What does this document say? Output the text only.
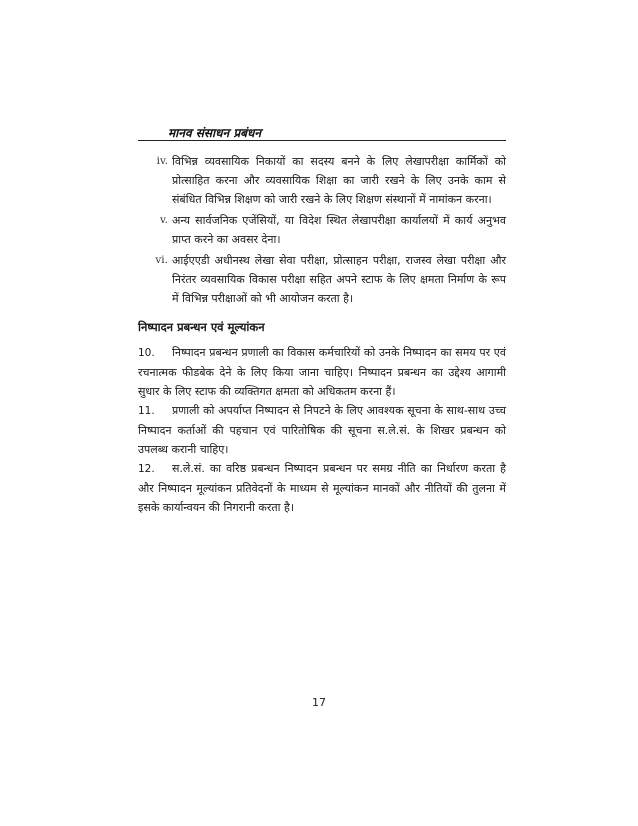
मानव संसाधन प्रबंधन
iv. विभिन्न व्यवसायिक निकायों का सदस्य बनने के लिए लेखापरीक्षा कार्मिकों को प्रोत्साहित करना और व्यवसायिक शिक्षा का जारी रखने के लिए उनके काम से संबंधित विभिन्न शिक्षण को जारी रखने के लिए शिक्षण संस्थानों में नामांकन करना।
v. अन्य सार्वजनिक एजेंसियों, या विदेश स्थित लेखापरीक्षा कार्यालयों में कार्य अनुभव प्राप्त करने का अवसर देना।
vi. आईएएडी अधीनस्थ लेखा सेवा परीक्षा, प्रोत्साहन परीक्षा, राजस्व लेखा परीक्षा और निरंतर व्यवसायिक विकास परीक्षा सहित अपने स्टाफ के लिए क्षमता निर्माण के रूप में विभिन्न परीक्षाओं को भी आयोजन करता है।
निष्पादन प्रबन्धन एवं मूल्यांकन
10. निष्पादन प्रबन्धन प्रणाली का विकास कर्मचारियों को उनके निष्पादन का समय पर एवं रचनात्मक फीडबेक देने के लिए किया जाना चाहिए। निष्पादन प्रबन्धन का उद्देश्य आगामी सुधार के लिए स्टाफ की व्यक्तिगत क्षमता को अधिकतम करना हैं।
11. प्रणाली को अपर्याप्त निष्पादन से निपटने के लिए आवश्यक सूचना के साथ-साथ उच्च निष्पादन कर्ताओं की पहचान एवं पारितोषिक की सूचना स.ले.सं. के शिखर प्रबन्धन को उपलब्ध करानी चाहिए।
12. स.ले.सं. का वरिष्ठ प्रबन्धन निष्पादन प्रबन्धन पर समग्र नीति का निर्धारण करता है और निष्पादन मूल्यांकन प्रतिवेदनों के माध्यम से मूल्यांकन मानकों और नीतियों की तुलना में इसके कार्यान्वयन की निगरानी करता है।
17
